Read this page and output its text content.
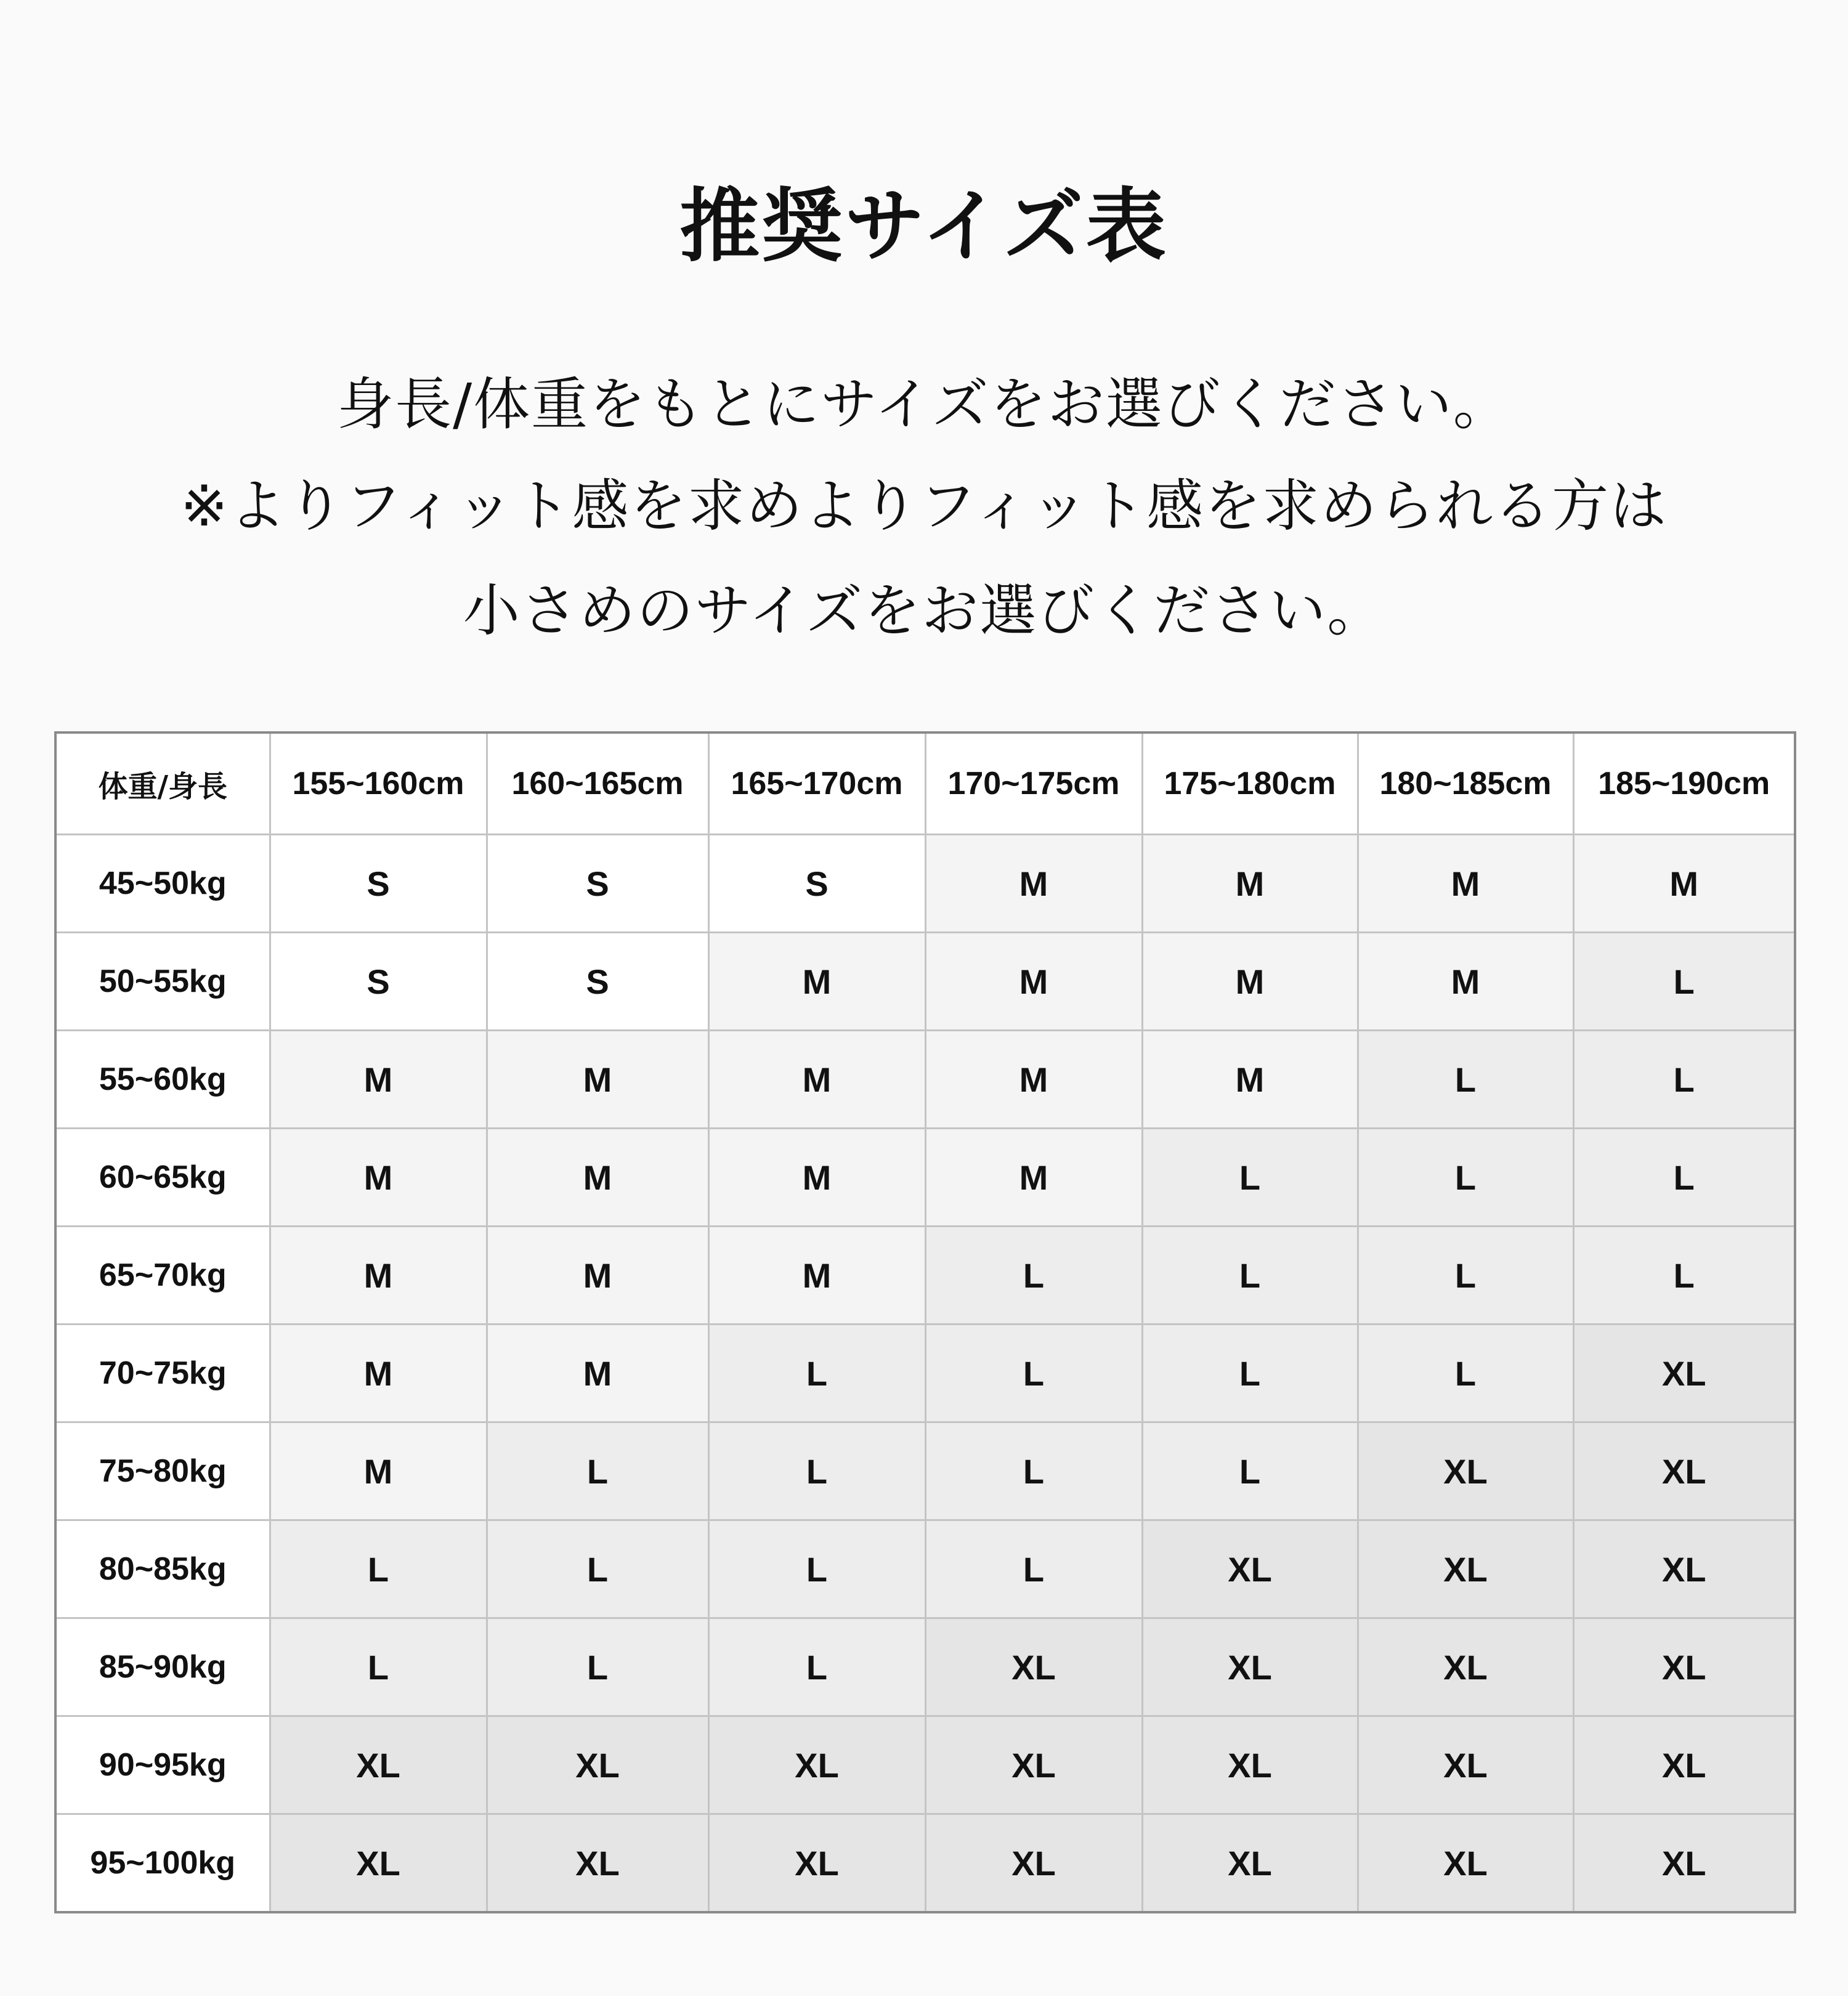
推奨サイズ表

身長/体重をもとにサイズをお選びください。

※よりフィット感を求めよりフィット感を求められる方は

小さめのサイズをお選びください。

体重/身長	155~160cm	160~165cm	165~170cm	170~175cm	175~180cm	180~185cm	185~190cm
45~50kg	S	S	S	M	M	M	M
50~55kg	S	S	M	M	M	M	L
55~60kg	M	M	M	M	M	L	L
60~65kg	M	M	M	M	L	L	L
65~70kg	M	M	M	L	L	L	L
70~75kg	M	M	L	L	L	L	XL
75~80kg	M	L	L	L	L	XL	XL
80~85kg	L	L	L	L	XL	XL	XL
85~90kg	L	L	L	XL	XL	XL	XL
90~95kg	XL	XL	XL	XL	XL	XL	XL
95~100kg	XL	XL	XL	XL	XL	XL	XL
